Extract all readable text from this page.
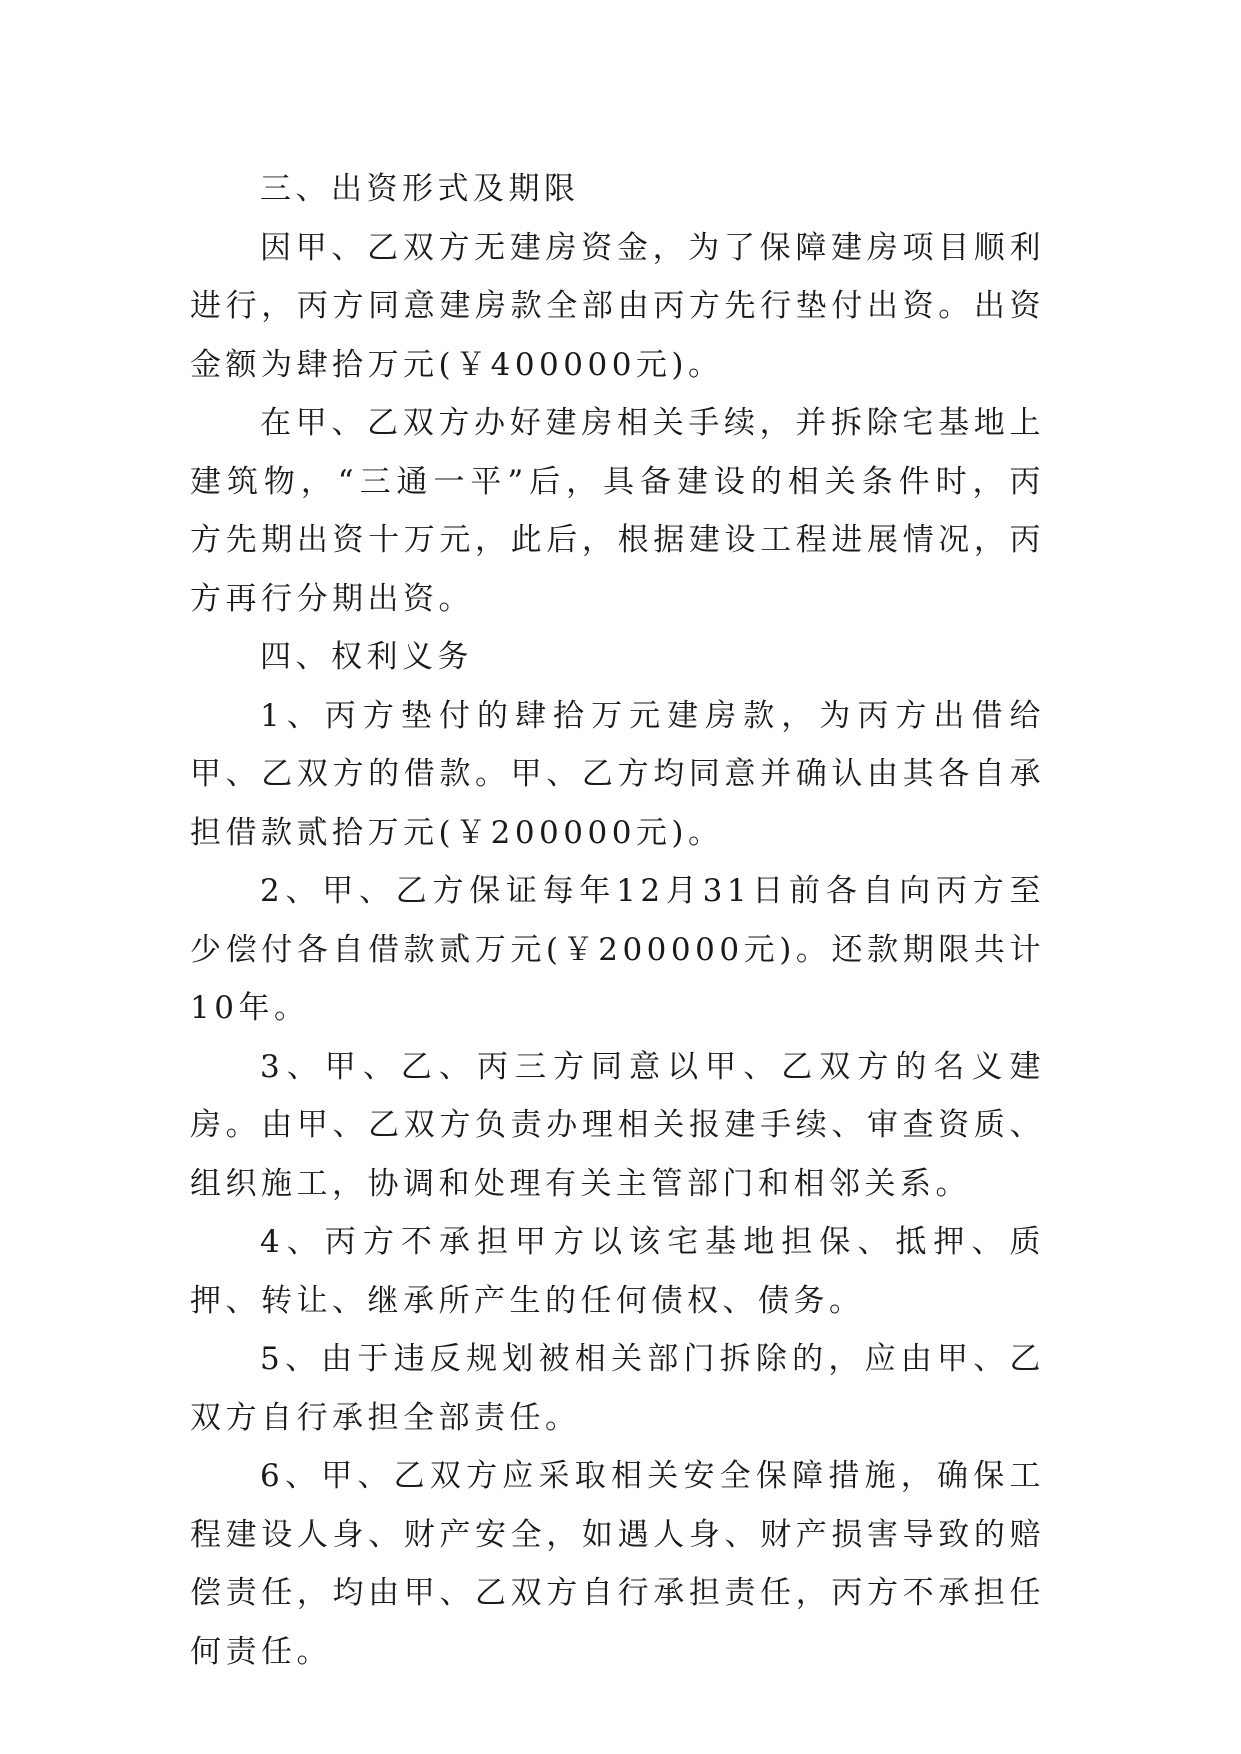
三、出资形式及期限

因甲、乙双方无建房资金，为了保障建房项目顺利进行，丙方同意建房款全部由丙方先行垫付出资。出资金额为肆拾万元(￥400000元)。

在甲、乙双方办好建房相关手续，并拆除宅基地上建筑物，“三通一平”后，具备建设的相关条件时，丙方先期出资十万元，此后，根据建设工程进展情况，丙方再行分期出资。

四、权利义务

1、丙方垫付的肆拾万元建房款，为丙方出借给甲、乙双方的借款。甲、乙方均同意并确认由其各自承担借款贰拾万元(￥200000元)。

2、甲、乙方保证每年12月31日前各自向丙方至少偿付各自借款贰万元(￥200000元)。还款期限共计10年。

3、甲、乙、丙三方同意以甲、乙双方的名义建房。由甲、乙双方负责办理相关报建手续、审查资质、组织施工，协调和处理有关主管部门和相邻关系。

4、丙方不承担甲方以该宅基地担保、抵押、质押、转让、继承所产生的任何债权、债务。

5、由于违反规划被相关部门拆除的，应由甲、乙双方自行承担全部责任。

6、甲、乙双方应采取相关安全保障措施，确保工程建设人身、财产安全，如遇人身、财产损害导致的赔偿责任，均由甲、乙双方自行承担责任，丙方不承担任何责任。
